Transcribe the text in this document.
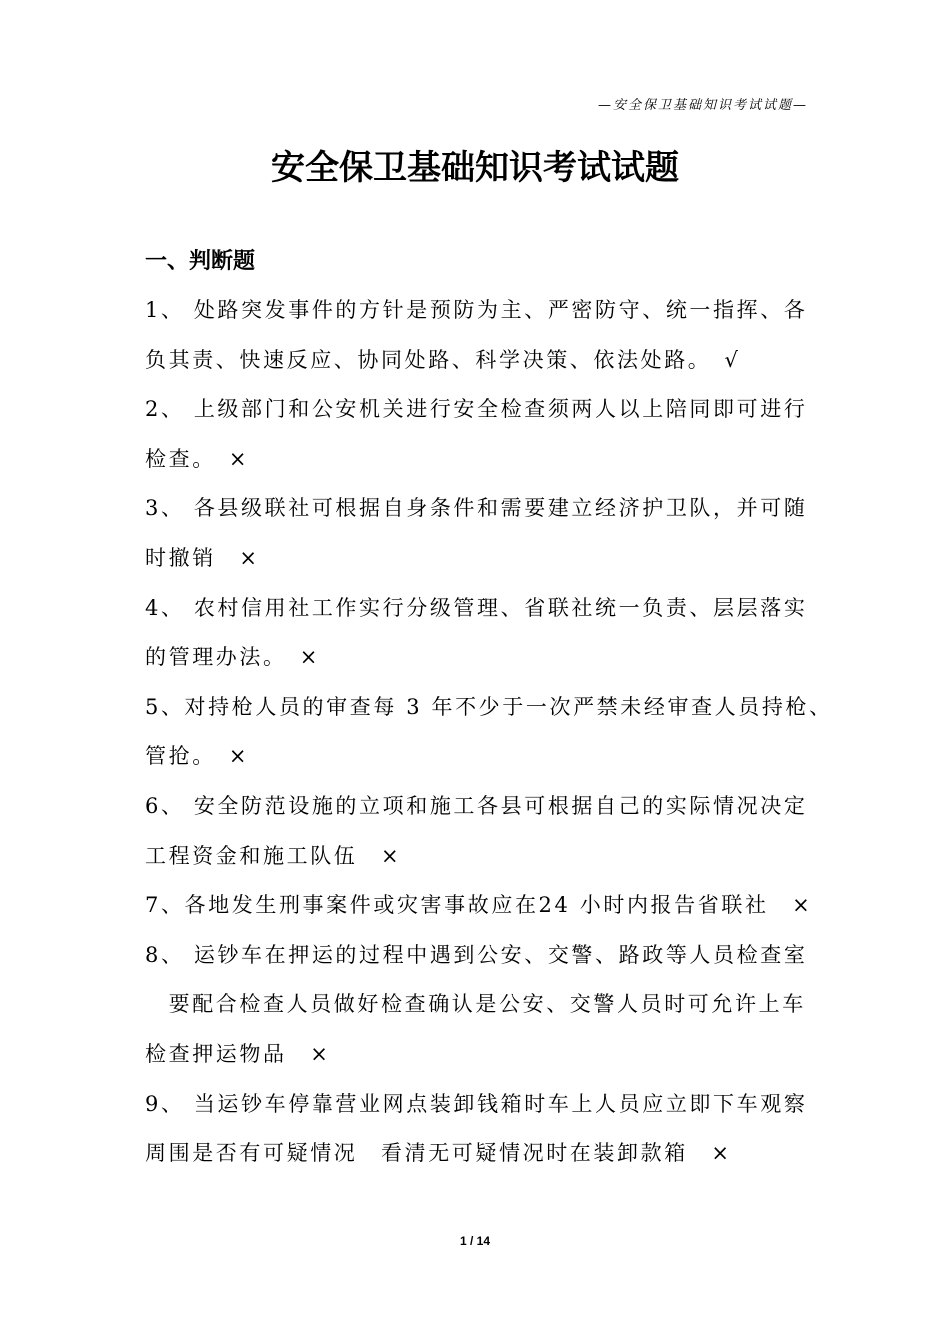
—安全保卫基础知识考试试题—
安全保卫基础知识考试试题
一、判断题
1、 处路突发事件的方针是预防为主、严密防守、统一指挥、各
负其责、快速反应、协同处路、科学决策、依法处路。　√
2、 上级部门和公安机关进行安全检查须两人以上陪同即可进行
检查。　×
3、 各县级联社可根据自身条件和需要建立经济护卫队，并可随
时撤销　×
4、 农村信用社工作实行分级管理、省联社统一负责、层层落实
的管理办法。　×
5、对持枪人员的审查每 3 年不少于一次严禁未经审查人员持枪、
管抢。　×
6、 安全防范设施的立项和施工各县可根据自己的实际情况决定
工程资金和施工队伍　×
7、各地发生刑事案件或灾害事故应在24 小时内报告省联社　×
8、 运钞车在押运的过程中遇到公安、交警、路政等人员检查室
　要配合检查人员做好检查确认是公安、交警人员时可允许上车
检查押运物品　×
9、 当运钞车停靠营业网点装卸钱箱时车上人员应立即下车观察
周围是否有可疑情况　看清无可疑情况时在装卸款箱　×
1 / 14
